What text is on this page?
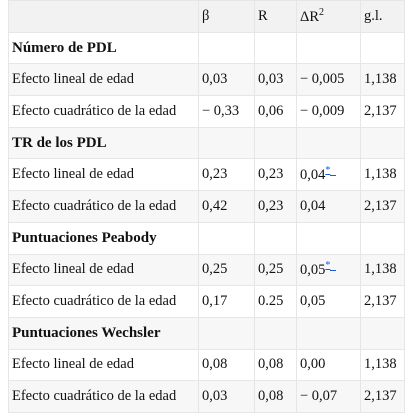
	β	R	$\Delta R^2$	g.l.
Número de PDL				
Efecto lineal de edad	0,03	0,03	− 0,005	1,138
Efecto cuadrático de la edad	− 0,33	0,06	− 0,009	2,137
TR de los PDL				
Efecto lineal de edad	0,23	0,23	0,04*	1,138
Efecto cuadrático de la edad	0,42	0,23	0,04	2,137
Puntuaciones Peabody				
Efecto lineal de edad	0,25	0,25	0,05*	1,138
Efecto cuadrático de la edad	0,17	0.25	0,05	2,137
Puntuaciones Wechsler				
Efecto lineal de edad	0,08	0,08	0,00	1,138
Efecto cuadrático de la edad	0,03	0,08	− 0,07	2,137
